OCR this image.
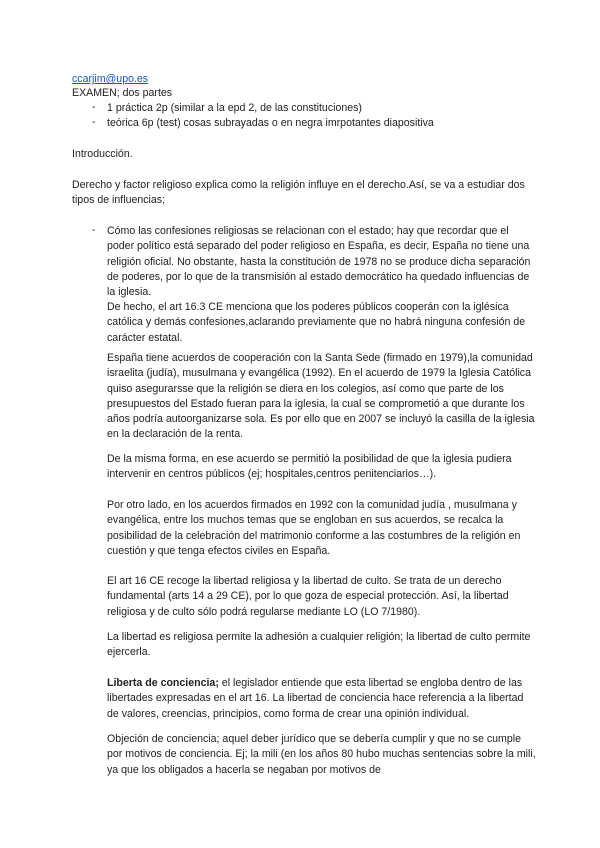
ccarjim@upo.es

EXAMEN; dos partes

- 1 práctica 2p (similar a la epd 2, de las constituciones)

- teórica 6p (test) cosas subrayadas o en negra imrpotantes diapositiva

Introducción.

Derecho y factor religioso explica como la religión influye en el derecho.Así, se va a estudiar dos tipos de influencias;

- Cómo las confesiones religiosas se relacionan con el estado; hay que recordar que el poder político está separado del poder religioso en España, es decir, España no tiene una religión oficial. No obstante, hasta la constitución de 1978 no se produce dicha separación de poderes, por lo que de la transmisión al estado democrático ha quedado influencias de la iglesia.

De hecho, el art 16.3 CE menciona que los poderes públicos cooperán con la iglésica católica y demás confesiones,aclarando previamente que no habrá ninguna confesión de carácter estatal.

España tiene acuerdos de cooperación con la Santa Sede (firmado en 1979),la comunidad israelita (judía), musulmana y evangélica (1992). En el acuerdo de 1979 la Iglesia Católica quiso asegurarsse que la religión se diera en los colegios, así como que parte de los presupuestos del Estado fueran para la iglesia, la cual se comprometió a que durante los años podría autoorganizarse sola. Es por ello que en 2007 se incluyó la casilla de la iglesia en la declaración de la renta.

De la misma forma, en ese acuerdo se permitió la posibilidad de que la iglesia pudiera intervenir en centros públicos (ej; hospitales,centros penitenciarios…).

Por otro lado, en los acuerdos firmados en 1992 con la comunidad judía , musulmana y evangélica, entre los muchos temas que se engloban en sus acuerdos, se recalca la posibilidad de la celebración del matrimonio conforme a las costumbres de la religión en cuestión y que tenga efectos civiles en España.

El art 16 CE recoge la libertad religiosa y la libertad de culto. Se trata de un derecho fundamental (arts 14 a 29 CE), por lo que goza de especial protección. Así, la libertad religiosa y de culto sólo podrá regularse mediante LO (LO 7/1980).

La libertad es religiosa permite la adhesión a cualquier religión; la libertad de culto permite ejercerla.

Liberta de conciencia; el legislador entiende que esta libertad se engloba dentro de las libertades expresadas en el art 16. La libertad de conciencia hace referencia a la libertad de valores, creencias, principios, como forma de crear una opinión individual.

Objeción de conciencia; aquel deber jurídico que se debería cumplir y que no se cumple por motivos de conciencia. Ej; la mili (en los años 80 hubo muchas sentencias sobre la mili, ya que los obligados a hacerla se negaban por motivos de
